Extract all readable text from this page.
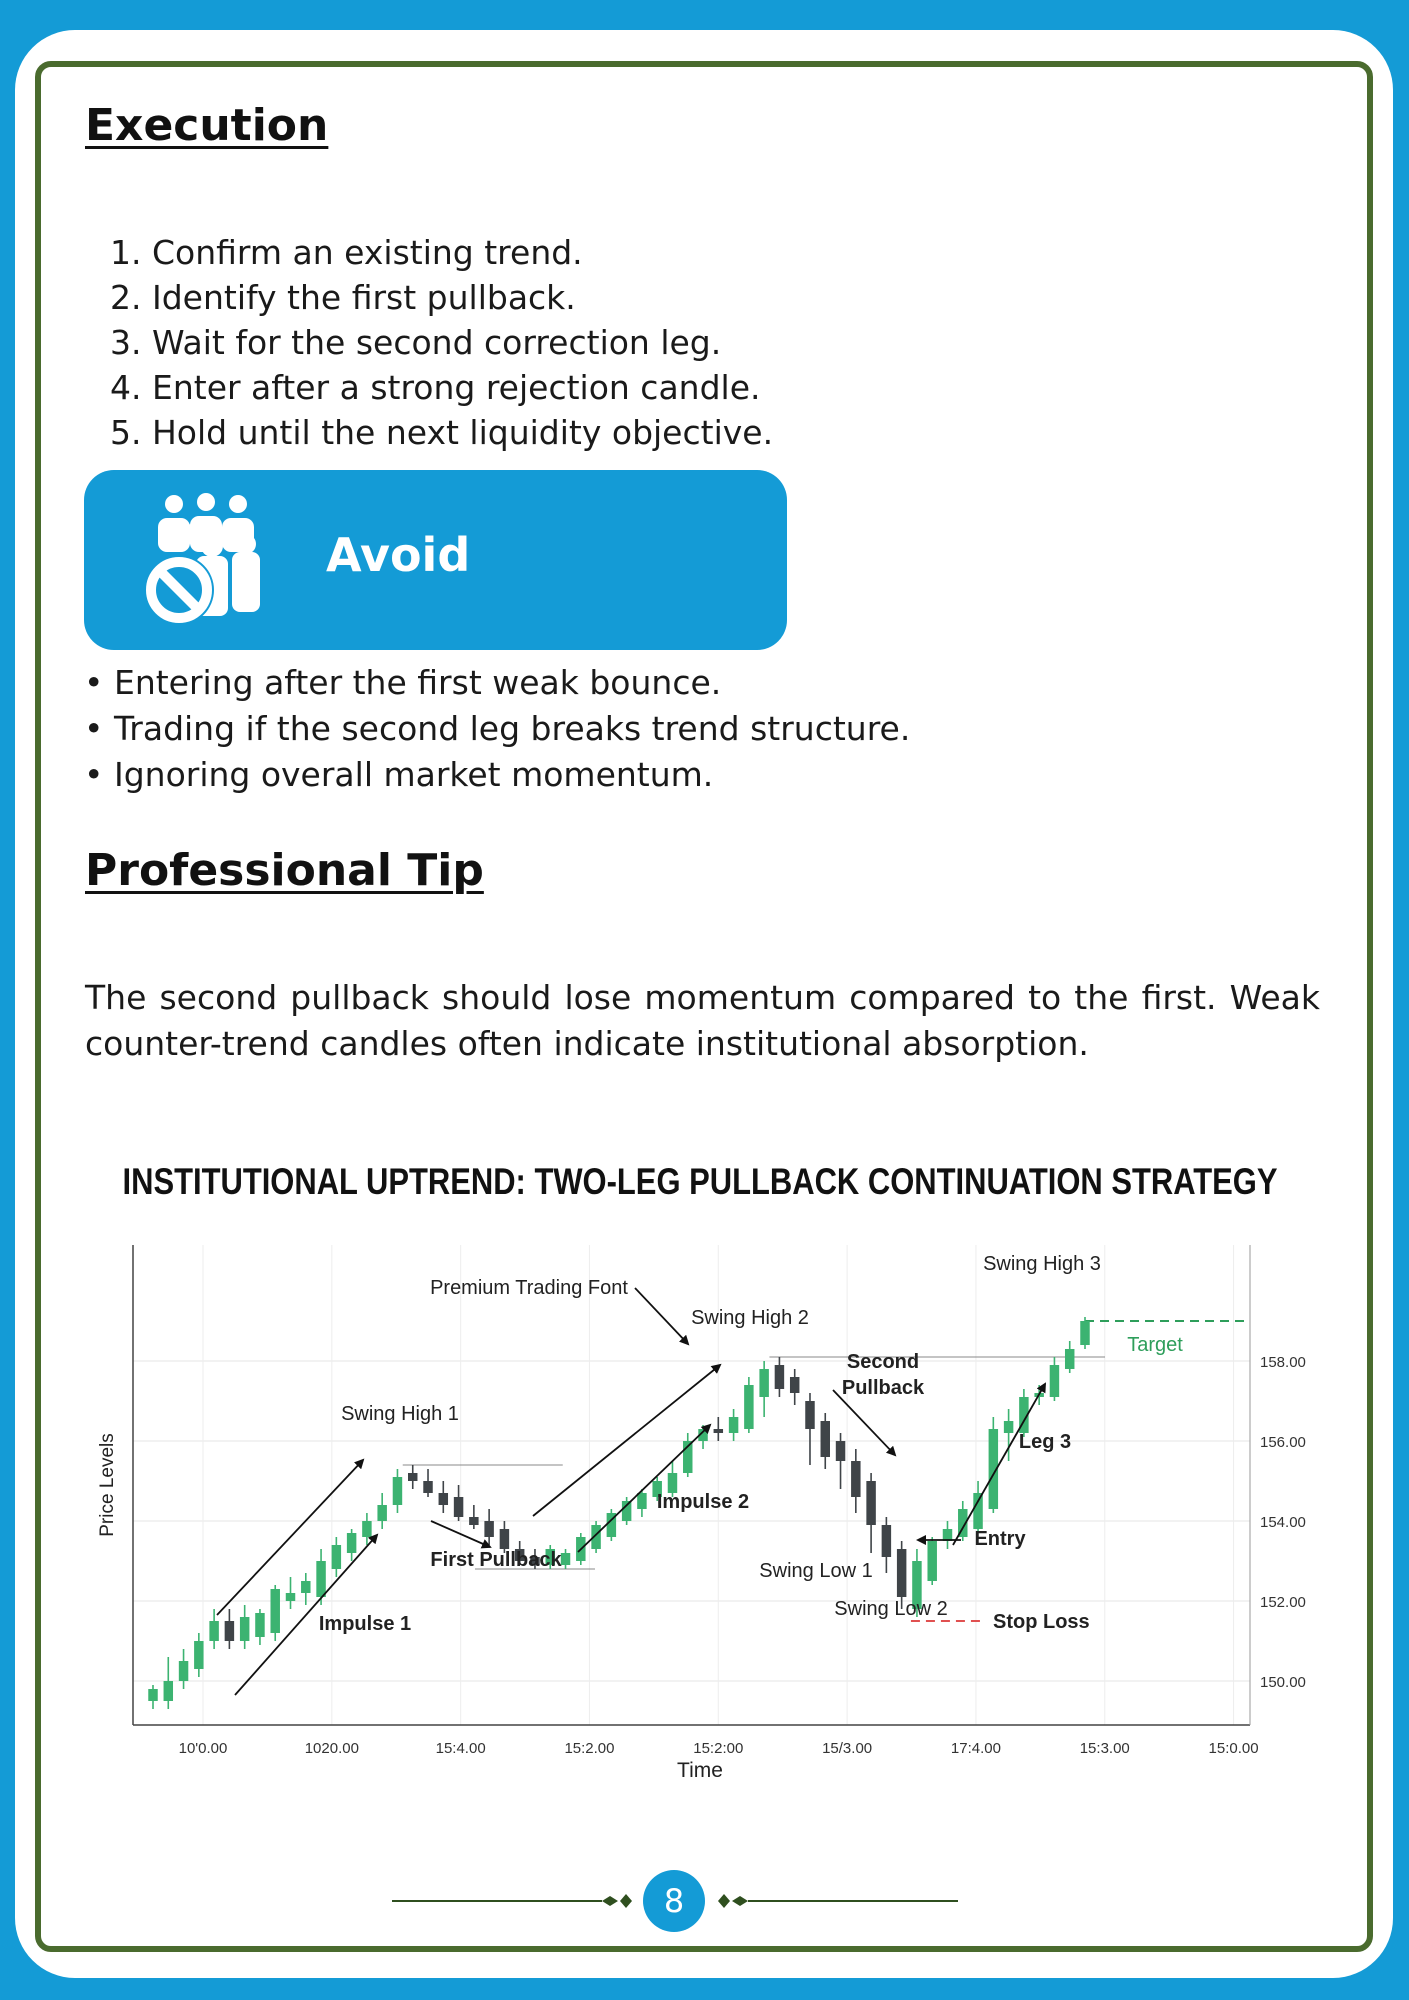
Execution
1. Confirm an existing trend.
2. Identify the first pullback.
3. Wait for the second correction leg.
4. Enter after a strong rejection candle.
5. Hold until the next liquidity objective.
Avoid
• Entering after the first weak bounce.
• Trading if the second leg breaks trend structure.
• Ignoring overall market momentum.
Professional Tip

The second pullback should lose momentum compared to the first. Weak counter-trend candles often indicate institutional absorption.

INSTITUTIONAL UPTREND: TWO-LEG PULLBACK CONTINUATION STRATEGY
Target
Stop Loss
150.00
152.00
154.00
156.00
158.00
10'0.00	1020.00	15:4.00	15:2.00	15:2:00	15/3.00	17:4.00	15:3.00	15:0.00
Time
Price Levels
Premium Trading Font
Swing High 1
Swing High 2
Swing High 3
First Pullback
Second Pullback
Impulse 1
Impulse 2
Leg 3
Entry
Swing Low 1
Swing Low 2
8
